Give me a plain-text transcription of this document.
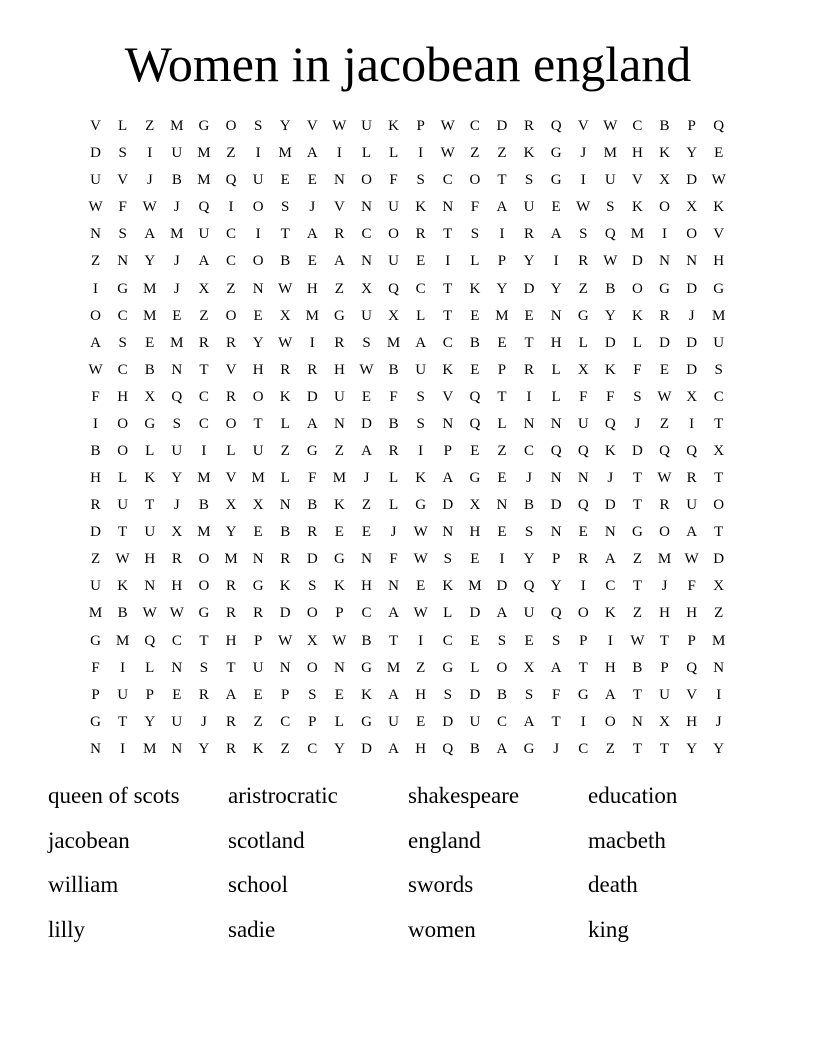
Women in jacobean england
V	L	Z	M	G	O	S	Y	V W U	K	P	W	C	D	R	Q	V W	C	B	P	Q
D	S	I	U	M	Z	I	M	A	I	L	L	I	W	Z	Z	K	G	J	M	H	K	Y	E
U	V	J	B	M	Q	U	E	E	N	O	F	S	C	O	T	S	G	I	U	V	X	D W
W	F	W	J	Q	I	O	S	J	V	N	U	K	N	F	A	U	E	W	S	K	O	X	K
N	S	A	M	U	C	I	T	A	R	C	O	R	T	S	I	R	A	S	Q	M	I	O	V
Z	N	Y	J	A	C	O	B	E	A	N	U	E	I	L	P	Y	I	R	W D	N	N	H
I	G	M	J	X	Z	N W H	Z	X	Q	C	T	K	Y	D	Y	Z	B	O	G	D	G
O	C	M	E	Z	O	E	X	M	G	U	X	L	T	E	M	E	N	G	Y	K	R	J	M
A	S	E	M	R	R	Y W	I	R	S	M	A	C	B	E	T	H	L	D	L	D	D	U
W	C	B	N	T	V	H	R	R	H W	B	U	K	E	P	R	L	X	K	F	E	D	S
F	H	X	Q	C	R	O	K	D	U	E	F	S	V	Q	T	I	L	F	F	S	W X	C
I	O	G	S	C	O	T	L	A	N	D	B	S	N	Q	L	N	N	U	Q	J	Z	I	T
B	O	L	U	I	L	U	Z	G	Z	A	R	I	P	E	Z	C	Q	Q	K	D	Q	Q	X
H	L	K	Y	M	V	M	L	F	M	J	L	K	A	G	E	J	N	N	J	T	W	R	T
R	U	T	J	B	X	X	N	B	K	Z	L	G	D	X	N	B	D	Q	D	T	R	U	O
D	T	U	X	M	Y	E	B	R	E	E	J	W N	H	E	S	N	E	N	G	O	A	T
Z	W H	R	O	M	N	R	D	G	N	F	W	S	E	I	Y	P	R	A	Z	M W D
U	K	N	H	O	R	G	K	S	K	H	N	E	K	M	D	Q	Y	I	C	T	J	F	X
M	B	W W G	R	R	D	O	P	C	A W	L	D	A	U	Q	O	K	Z	H	H	Z
G	M	Q	C	T	H	P	W X W	B	T	I	C	E	S	E	S	P	I	W	T	P	M
F	I	L	N	S	T	U	N	O	N	G	M	Z	G	L	O	X	A	T	H	B	P	Q	N
P	U	P	E	R	A	E	P	S	E	K	A	H	S	D	B	S	F	G	A	T	U	V	I
G	T	Y	U	J	R	Z	C	P	L	G	U	E	D	U	C	A	T	I	O	N	X	H	J
N	I	M	N	Y	R	K	Z	C	Y	D	A	H	Q	B	A	G	J	C	Z	T	T	Y	Y
queen of scots	aristrocratic	shakespeare	education
jacobean	scotland	england	macbeth
william	school	swords	death
lilly	sadie	women	king
